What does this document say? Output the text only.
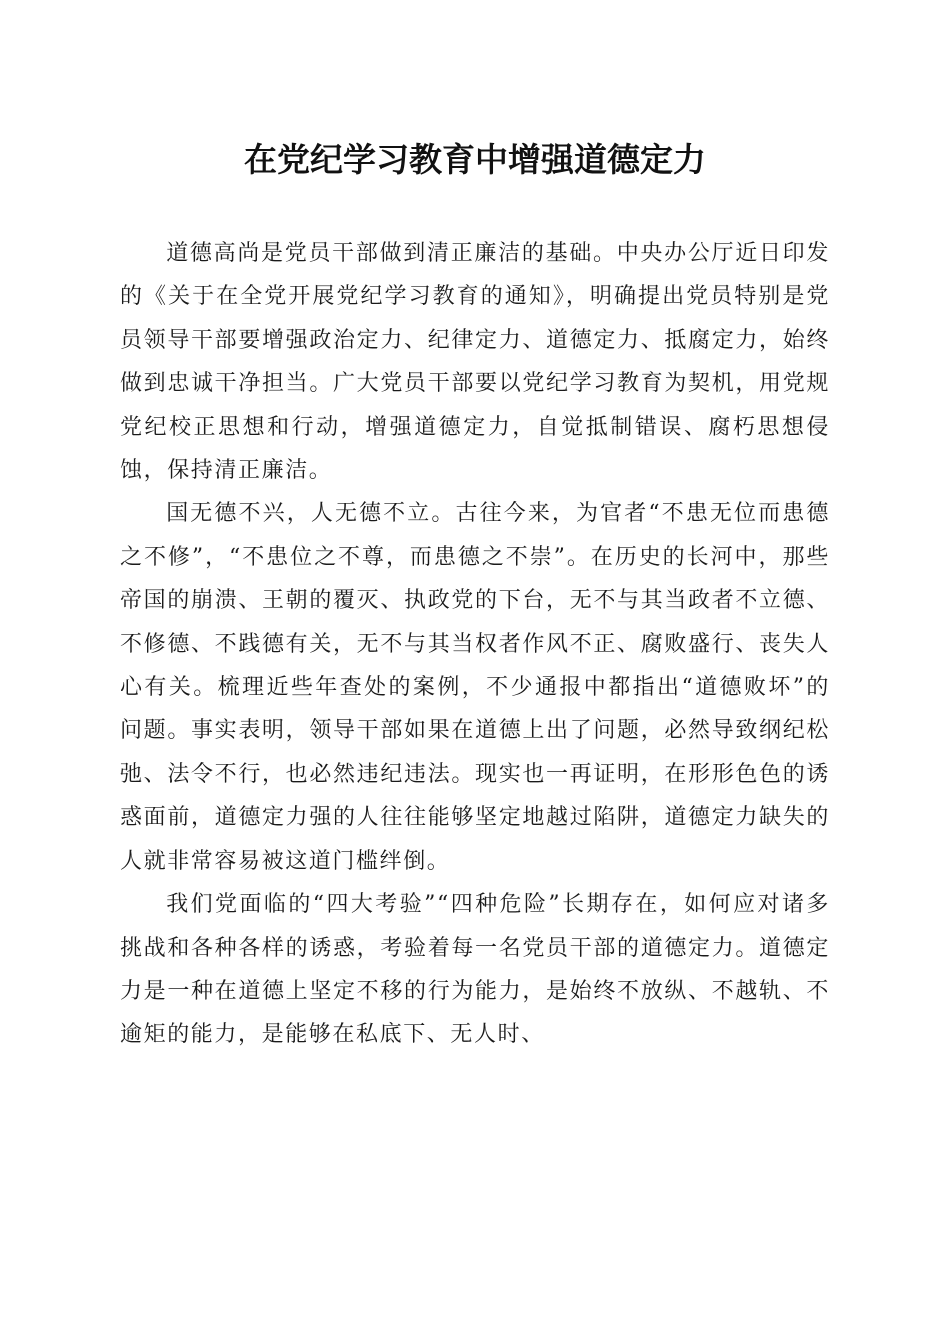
在党纪学习教育中增强道德定力

道德高尚是党员干部做到清正廉洁的基础。中央办公厅近日印发的《关于在全党开展党纪学习教育的通知》，明确提出党员特别是党员领导干部要增强政治定力、纪律定力、道德定力、抵腐定力，始终做到忠诚干净担当。广大党员干部要以党纪学习教育为契机，用党规党纪校正思想和行动，增强道德定力，自觉抵制错误、腐朽思想侵蚀，保持清正廉洁。

国无德不兴，人无德不立。古往今来，为官者“不患无位而患德之不修”，“不患位之不尊，而患德之不崇”。在历史的长河中，那些帝国的崩溃、王朝的覆灭、执政党的下台，无不与其当政者不立德、不修德、不践德有关，无不与其当权者作风不正、腐败盛行、丧失人心有关。梳理近些年查处的案例，不少通报中都指出“道德败坏”的问题。事实表明，领导干部如果在道德上出了问题，必然导致纲纪松弛、法令不行，也必然违纪违法。现实也一再证明，在形形色色的诱惑面前，道德定力强的人往往能够坚定地越过陷阱，道德定力缺失的人就非常容易被这道门槛绊倒。

我们党面临的“四大考验”“四种危险”长期存在，如何应对诸多挑战和各种各样的诱惑，考验着每一名党员干部的道德定力。道德定力是一种在道德上坚定不移的行为能力，是始终不放纵、不越轨、不逾矩的能力，是能够在私底下、无人时、
